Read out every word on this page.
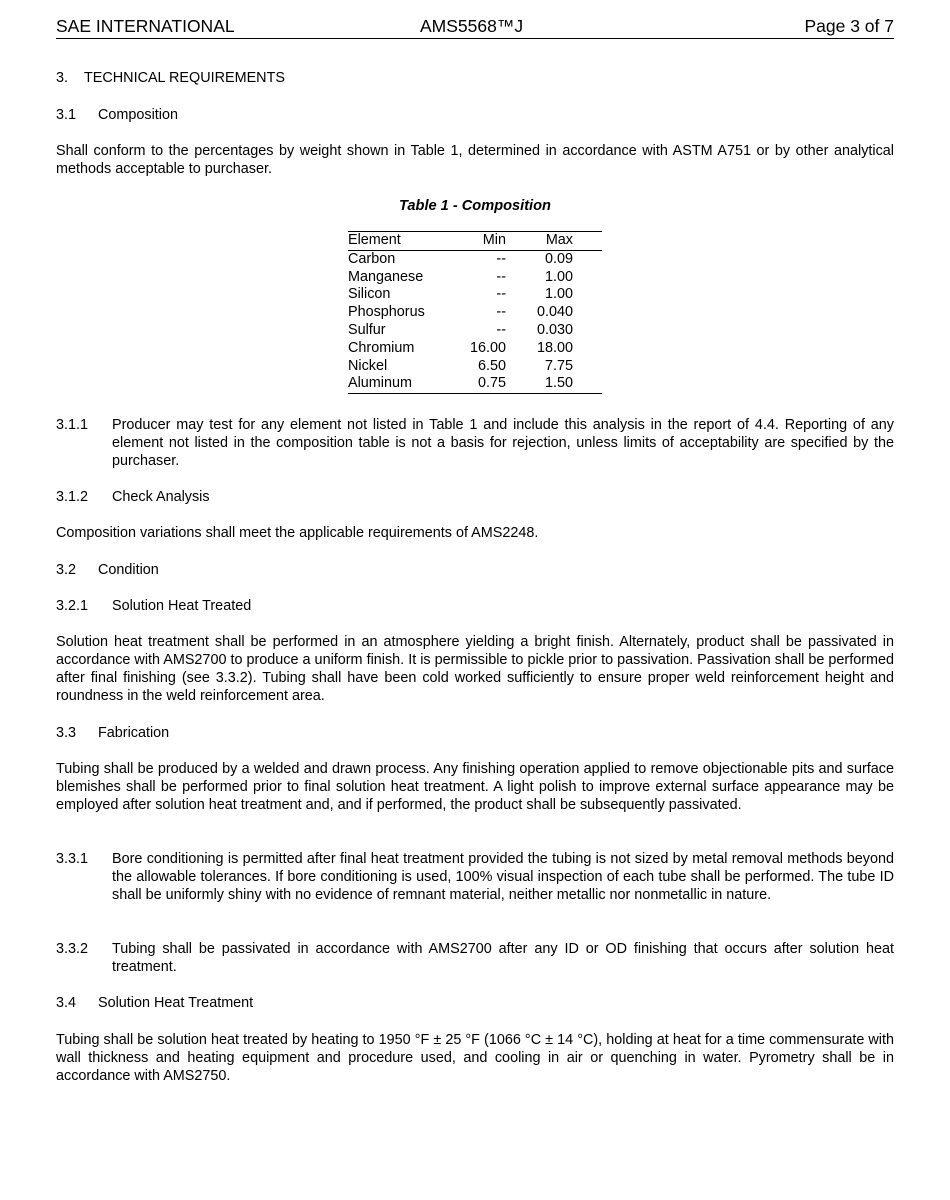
SAE INTERNATIONAL	AMS5568™J	Page 3 of 7
3. TECHNICAL REQUIREMENTS
3.1 Composition

Shall conform to the percentages by weight shown in Table 1, determined in accordance with ASTM A751 or by other analytical methods acceptable to purchaser.

Table 1 - Composition
Element	Min		Max	
Carbon	--		0.09	
Manganese	--		1.00	
Silicon	--		1.00	
Phosphorus	--		0.040	
Sulfur	--		0.030	
Chromium	16.00		18.00	
Nickel	6.50		7.75	
Aluminum	0.75		1.50	
3.1.1 Producer may test for any element not listed in Table 1 and include this analysis in the report of 4.4. Reporting of any element not listed in the composition table is not a basis for rejection, unless limits of acceptability are specified by the purchaser.
3.1.2 Check Analysis

Composition variations shall meet the applicable requirements of AMS2248.

3.2 Condition
3.2.1 Solution Heat Treated

Solution heat treatment shall be performed in an atmosphere yielding a bright finish. Alternately, product shall be passivated in accordance with AMS2700 to produce a uniform finish. It is permissible to pickle prior to passivation. Passivation shall be performed after final finishing (see 3.3.2). Tubing shall have been cold worked sufficiently to ensure proper weld reinforcement height and roundness in the weld reinforcement area.

3.3 Fabrication

Tubing shall be produced by a welded and drawn process. Any finishing operation applied to remove objectionable pits and surface blemishes shall be performed prior to final solution heat treatment. A light polish to improve external surface appearance may be employed after solution heat treatment and, and if performed, the product shall be subsequently passivated.

3.3.1 Bore conditioning is permitted after final heat treatment provided the tubing is not sized by metal removal methods beyond the allowable tolerances. If bore conditioning is used, 100% visual inspection of each tube shall be performed. The tube ID shall be uniformly shiny with no evidence of remnant material, neither metallic nor nonmetallic in nature.
3.3.2 Tubing shall be passivated in accordance with AMS2700 after any ID or OD finishing that occurs after solution heat treatment.
3.4 Solution Heat Treatment

Tubing shall be solution heat treated by heating to 1950 °F ± 25 °F (1066 °C ± 14 °C), holding at heat for a time commensurate with wall thickness and heating equipment and procedure used, and cooling in air or quenching in water. Pyrometry shall be in accordance with AMS2750.
